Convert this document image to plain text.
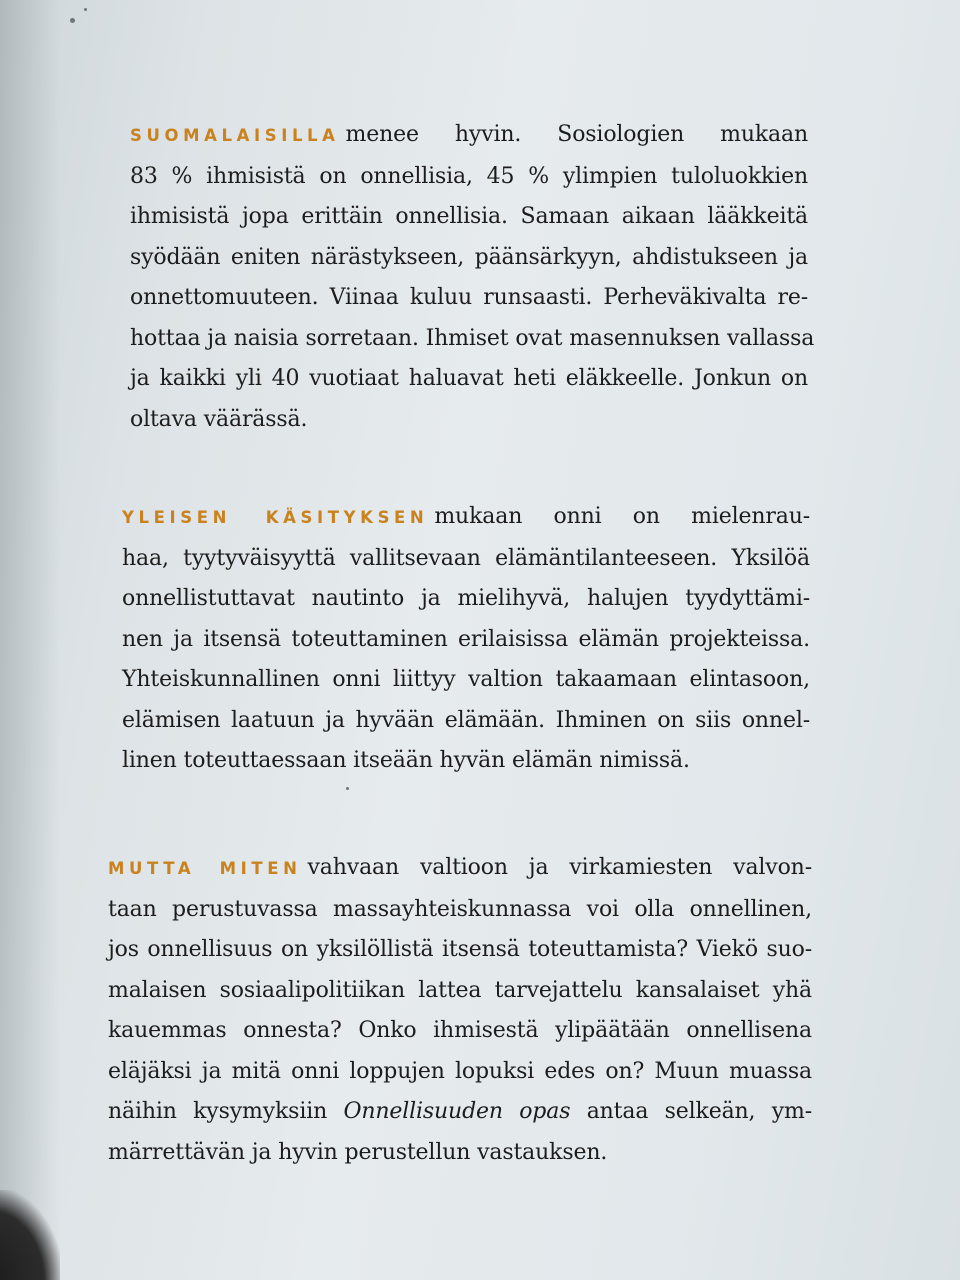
SUOMALAISILLA menee hyvin. Sosiologien mukaan
83 % ihmisistä on onnellisia, 45 % ylimpien tuloluokkien
ihmisistä jopa erittäin onnellisia. Samaan aikaan lääkkeitä
syödään eniten närästykseen, päänsärkyyn, ahdistukseen ja
onnettomuuteen. Viinaa kuluu runsaasti. Perheväkivalta re-
hottaa ja naisia sorretaan. Ihmiset ovat masennuksen vallassa
ja kaikki yli 40 vuotiaat haluavat heti eläkkeelle. Jonkun on
oltava väärässä.
YLEISEN KÄSITYKSEN mukaan onni on mielenrau-
haa, tyytyväisyyttä vallitsevaan elämäntilanteeseen. Yksilöä
onnellistuttavat nautinto ja mielihyvä, halujen tyydyttämi-
nen ja itsensä toteuttaminen erilaisissa elämän projekteissa.
Yhteiskunnallinen onni liittyy valtion takaamaan elintasoon,
elämisen laatuun ja hyvään elämään. Ihminen on siis onnel-
linen toteuttaessaan itseään hyvän elämän nimissä.
MUTTA MITEN vahvaan valtioon ja virkamiesten valvon-
taan perustuvassa massayhteiskunnassa voi olla onnellinen,
jos onnellisuus on yksilöllistä itsensä toteuttamista? Viekö suo-
malaisen sosiaalipolitiikan lattea tarvejattelu kansalaiset yhä
kauemmas onnesta? Onko ihmisestä ylipäätään onnellisena
eläjäksi ja mitä onni loppujen lopuksi edes on? Muun muassa
näihin kysymyksiin Onnellisuuden opas antaa selkeän, ym-
märrettävän ja hyvin perustellun vastauksen.
